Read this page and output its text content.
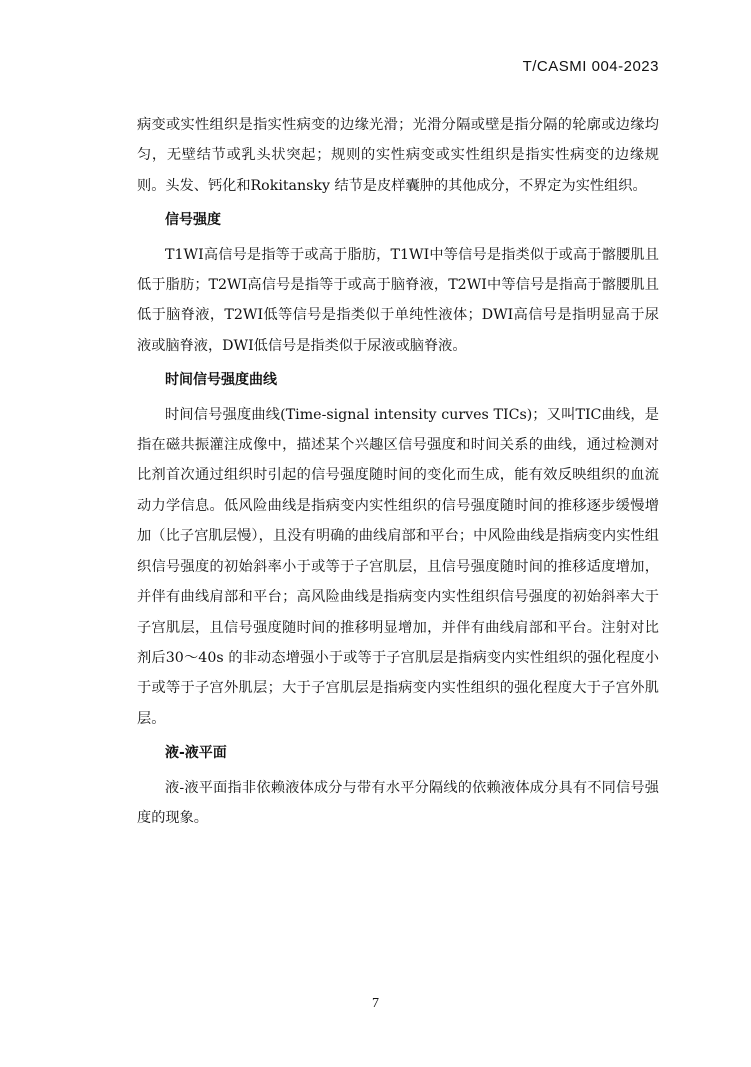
T/CASMI 004-2023

病变或实性组织是指实性病变的边缘光滑；光滑分隔或壁是指分隔的轮廓或边缘均匀，无壁结节或乳头状突起；规则的实性病变或实性组织是指实性病变的边缘规则。头发、钙化和Rokitansky 结节是皮样囊肿的其他成分，不界定为实性组织。

信号强度

T1WI高信号是指等于或高于脂肪，T1WI中等信号是指类似于或高于髂腰肌且低于脂肪；T2WI高信号是指等于或高于脑脊液，T2WI中等信号是指高于髂腰肌且低于脑脊液，T2WI低等信号是指类似于单纯性液体；DWI高信号是指明显高于尿液或脑脊液，DWI低信号是指类似于尿液或脑脊液。

时间信号强度曲线

时间信号强度曲线(Time-signal intensity curves TICs)；又叫TIC曲线，是指在磁共振灌注成像中，描述某个兴趣区信号强度和时间关系的曲线，通过检测对比剂首次通过组织时引起的信号强度随时间的变化而生成，能有效反映组织的血流动力学信息。低风险曲线是指病变内实性组织的信号强度随时间的推移逐步缓慢增加（比子宫肌层慢），且没有明确的曲线肩部和平台；中风险曲线是指病变内实性组织信号强度的初始斜率小于或等于子宫肌层，且信号强度随时间的推移适度增加，并伴有曲线肩部和平台；高风险曲线是指病变内实性组织信号强度的初始斜率大于子宫肌层，且信号强度随时间的推移明显增加，并伴有曲线肩部和平台。注射对比剂后30～40s 的非动态增强小于或等于子宫肌层是指病变内实性组织的强化程度小于或等于子宫外肌层；大于子宫肌层是指病变内实性组织的强化程度大于子宫外肌层。

液-液平面

液-液平面指非依赖液体成分与带有水平分隔线的依赖液体成分具有不同信号强度的现象。

7
